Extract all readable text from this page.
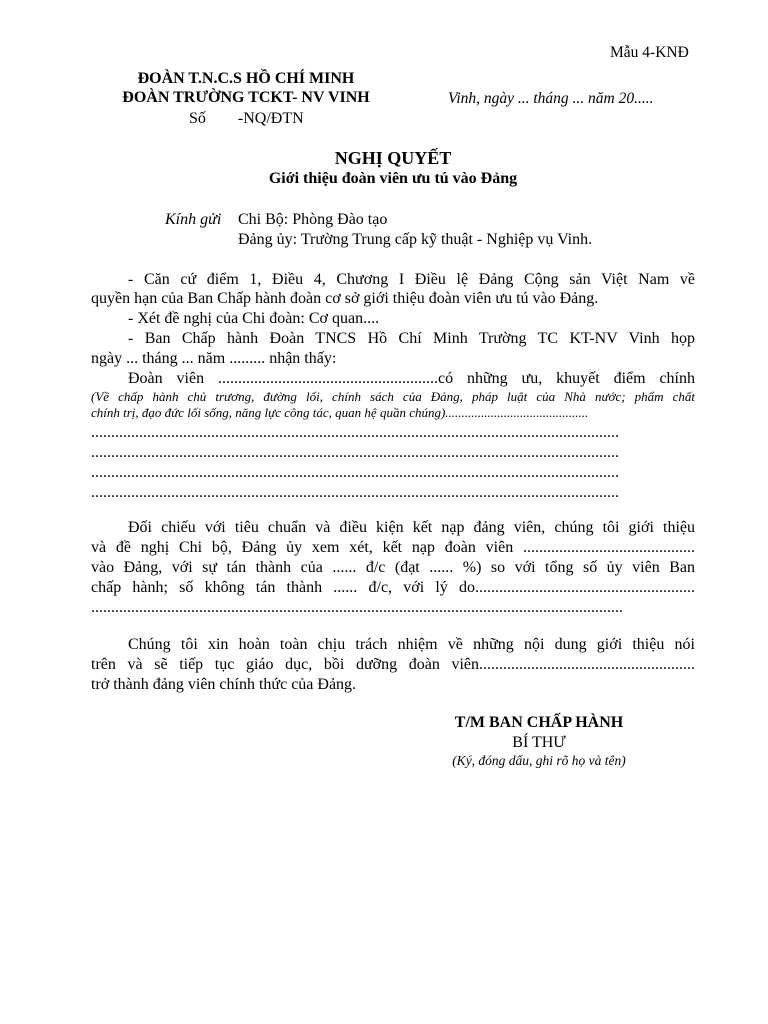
Mẫu 4-KNĐ
ĐOÀN T.N.C.S HỒ CHÍ MINH
ĐOÀN TRƯỜNG TCKT- NV VINH
Số        -NQ/ĐTN
Vinh, ngày ... tháng ... năm 20.....
NGHỊ QUYẾT
Giới thiệu đoàn viên ưu tú vào Đảng
Kính gửi Chi Bộ: Phòng Đào tạo
Đảng ủy: Trường Trung cấp kỹ thuật - Nghiệp vụ Vinh.
- Căn cứ điểm 1, Điều 4, Chương I Điều lệ Đảng Cộng sản Việt Nam về
quyền hạn của Ban Chấp hành đoàn cơ sở giới thiệu đoàn viên ưu tú vào Đảng.
- Xét đề nghị của Chi đoàn: Cơ quan....
- Ban Chấp hành Đoàn TNCS Hồ Chí Minh Trường TC KT-NV Vinh họp
ngày ... tháng ... năm ......... nhận thấy:
Đoàn viên .......................................................có những ưu, khuyết điểm chính
(Về chấp hành chủ trương, đường lối, chính sách của Đảng, pháp luật của Nhà nước; phẩm chất
chính trị, đạo đức lối sống, năng lực công tác, quan hệ quần chúng)............................................
....................................................................................................................................
....................................................................................................................................
....................................................................................................................................
....................................................................................................................................
Đối chiếu với tiêu chuẩn và điều kiện kết nạp đảng viên, chúng tôi giới thiệu
và đề nghị Chi bộ, Đảng ủy xem xét, kết nạp đoàn viên ...........................................
vào Đảng, với sự tán thành của ...... đ/c (đạt ...... %) so với tổng số ủy viên Ban
chấp hành; số không tán thành ...... đ/c, với lý do.......................................................
.....................................................................................................................................
Chúng tôi xin hoàn toàn chịu trách nhiệm về những nội dung giới thiệu nói
trên và sẽ tiếp tục giáo dục, bồi dưỡng đoàn viên......................................................
trở thành đảng viên chính thức của Đảng.
T/M BAN CHẤP HÀNH
BÍ THƯ
(Ký, đóng dấu, ghi rõ họ và tên)
